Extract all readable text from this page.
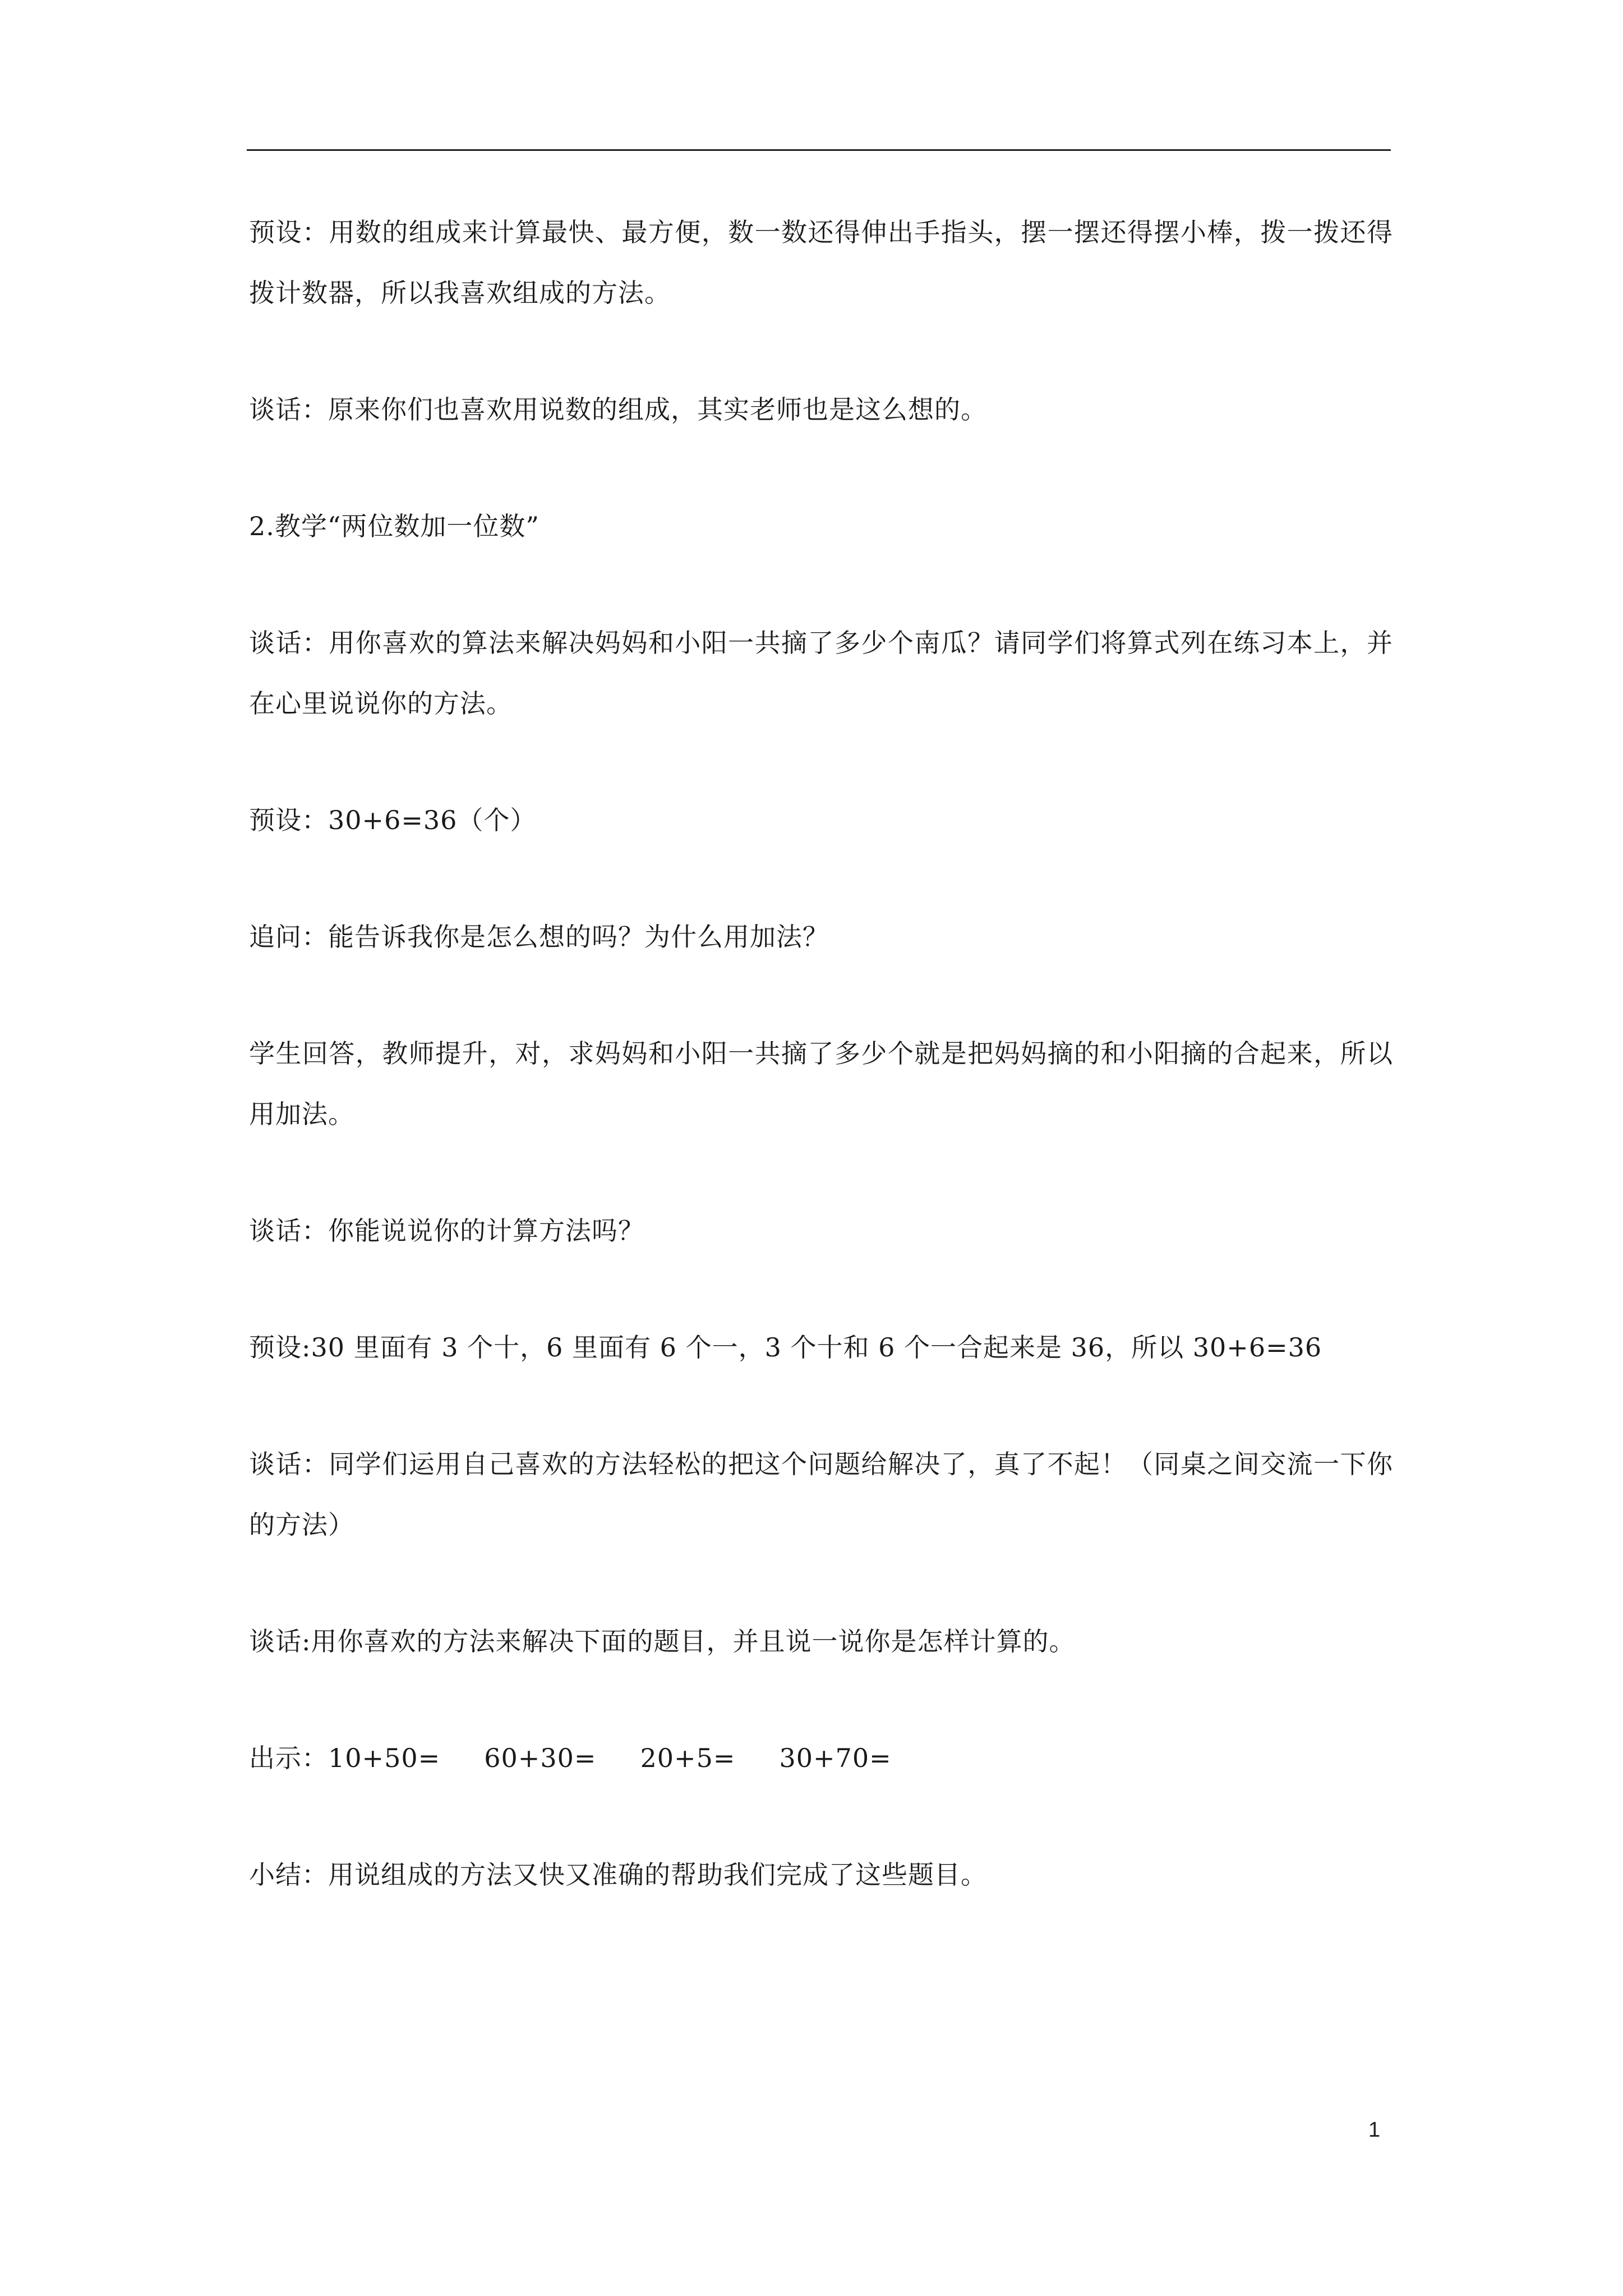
预设：用数的组成来计算最快、最方便，数一数还得伸出手指头，摆一摆还得摆小棒，拨一拨还得拨计数器，所以我喜欢组成的方法。

谈话：原来你们也喜欢用说数的组成，其实老师也是这么想的。

2.教学“两位数加一位数”

谈话：用你喜欢的算法来解决妈妈和小阳一共摘了多少个南瓜？请同学们将算式列在练习本上，并在心里说说你的方法。

预设：30+6=36（个）

追问：能告诉我你是怎么想的吗？为什么用加法？

学生回答，教师提升，对，求妈妈和小阳一共摘了多少个就是把妈妈摘的和小阳摘的合起来，所以用加法。

谈话：你能说说你的计算方法吗？

预设:30 里面有 3 个十，6 里面有 6 个一，3 个十和 6 个一合起来是 36，所以 30+6=36

谈话：同学们运用自己喜欢的方法轻松的把这个问题给解决了，真了不起！（同桌之间交流一下你的方法）

谈话:用你喜欢的方法来解决下面的题目，并且说一说你是怎样计算的。

出示：10+50=     60+30=     20+5=     30+70=

小结：用说组成的方法又快又准确的帮助我们完成了这些题目。

1
